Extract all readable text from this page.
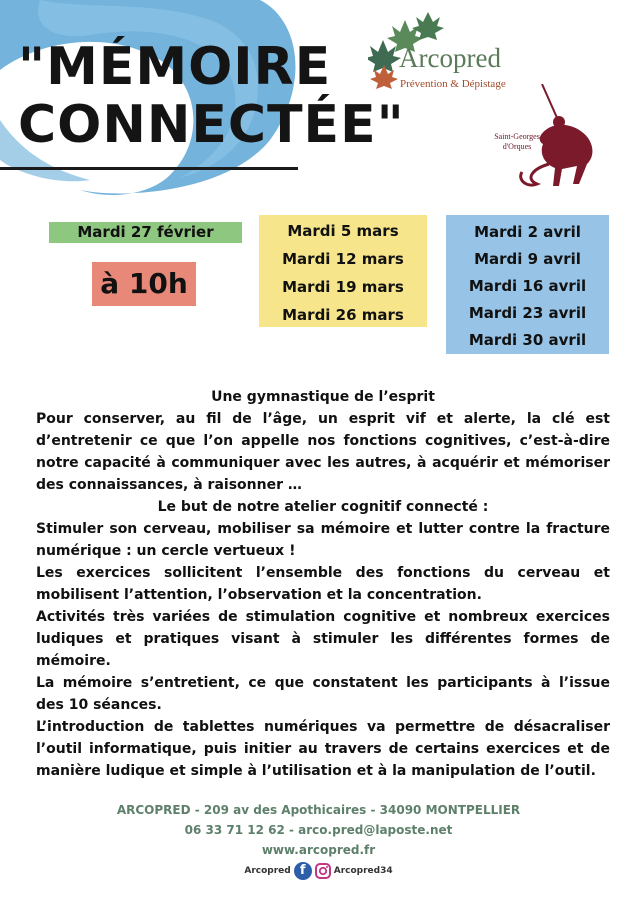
"MÉMOIRE
CONNECTÉE"
Arcopred
Prévention & Dépistage
Saint-Georges d'Orques
Mardi 27 février
à 10h
Mardi 5 mars
Mardi 12 mars
Mardi 19 mars
Mardi 26 mars
Mardi 2 avril
Mardi 9 avril
Mardi 16 avril
Mardi 23 avril
Mardi 30 avril

Une gymnastique de l’esprit

Pour conserver, au fil de l’âge, un esprit vif et alerte, la clé est d’entretenir ce que l’on appelle nos fonctions cognitives, c’est-à-dire notre capacité à communiquer avec les autres, à acquérir et mémoriser des connaissances, à raisonner …

Le but de notre atelier cognitif connecté :

Stimuler son cerveau, mobiliser sa mémoire et lutter contre la fracture numérique : un cercle vertueux !

Les exercices sollicitent l’ensemble des fonctions du cerveau et mobilisent l’attention, l’observation et la concentration.

Activités très variées de stimulation cognitive et nombreux exercices ludiques et pratiques visant à stimuler les différentes formes de mémoire.

La mémoire s’entretient, ce que constatent les participants à l’issue des 10 séances.

L’introduction de tablettes numériques va permettre de désacraliser l’outil informatique, puis initier au travers de certains exercices et de manière ludique et simple à l’utilisation et à la manipulation de l’outil.

ARCOPRED - 209 av des Apothicaires - 34090 MONTPELLIER
06 33 71 12 62 - arco.pred@laposte.net
www.arcopred.fr
Arcopred f	Arcopred34
